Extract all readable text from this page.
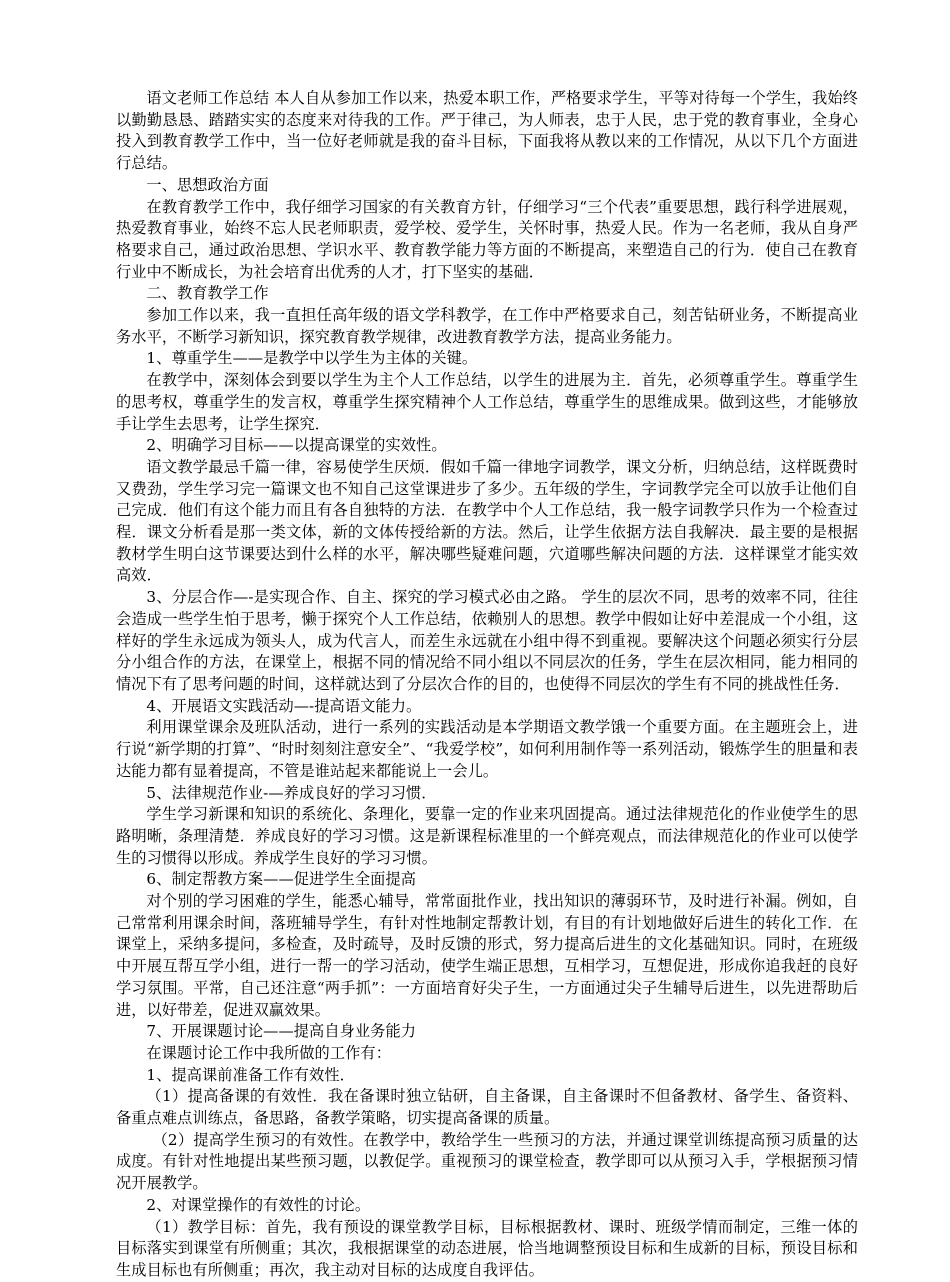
语文老师工作总结 本人自从参加工作以来，热爱本职工作，严格要求学生，平等对待每一个学生，我始终以勤勤恳恳、踏踏实实的态度来对待我的工作。严于律己，为人师表，忠于人民，忠于党的教育事业，全身心投入到教育教学工作中，当一位好老师就是我的奋斗目标，下面我将从教以来的工作情况，从以下几个方面进行总结。

一、思想政治方面

在教育教学工作中，我仔细学习国家的有关教育方针，仔细学习“三个代表”重要思想，践行科学进展观，热爱教育事业，始终不忘人民老师职责，爱学校、爱学生，关怀时事，热爱人民。作为一名老师，我从自身严格要求自己，通过政治思想、学识水平、教育教学能力等方面的不断提高，来塑造自己的行为．使自己在教育行业中不断成长，为社会培育出优秀的人才，打下坚实的基础．

二、教育教学工作

参加工作以来，我一直担任高年级的语文学科教学，在工作中严格要求自己，刻苦钻研业务，不断提高业务水平，不断学习新知识，探究教育教学规律，改进教育教学方法，提高业务能力。

1、尊重学生——是教学中以学生为主体的关键。

在教学中，深刻体会到要以学生为主个人工作总结，以学生的进展为主．首先，必须尊重学生。尊重学生的思考权，尊重学生的发言权，尊重学生探究精神个人工作总结，尊重学生的思维成果。做到这些，才能够放手让学生去思考，让学生探究．

2、明确学习目标——以提高课堂的实效性。

语文教学最忌千篇一律，容易使学生厌烦．假如千篇一律地字词教学，课文分析，归纳总结，这样既费时又费劲，学生学习完一篇课文也不知自己这堂课进步了多少。五年级的学生，字词教学完全可以放手让他们自己完成．他们有这个能力而且有各自独特的方法．在教学中个人工作总结，我一般字词教学只作为一个检查过程．课文分析看是那一类文体，新的文体传授给新的方法。然后，让学生依据方法自我解决．最主要的是根据教材学生明白这节课要达到什么样的水平，解决哪些疑难问题，穴道哪些解决问题的方法．这样课堂才能实效高效．

3、分层合作—-是实现合作、自主、探究的学习模式必由之路。 学生的层次不同，思考的效率不同，往往会造成一些学生怕于思考，懒于探究个人工作总结，依赖别人的思想。教学中假如让好中差混成一个小组，这样好的学生永远成为领头人，成为代言人，而差生永远就在小组中得不到重视。要解决这个问题必须实行分层分小组合作的方法，在课堂上，根据不同的情况给不同小组以不同层次的任务，学生在层次相同，能力相同的情况下有了思考问题的时间，这样就达到了分层次合作的目的，也使得不同层次的学生有不同的挑战性任务．

4、开展语文实践活动—-提高语文能力。

利用课堂课余及班队活动，进行一系列的实践活动是本学期语文教学饿一个重要方面。在主题班会上，进行说“新学期的打算”、“时时刻刻注意安全”、“我爱学校”，如何利用制作等一系列活动，锻炼学生的胆量和表达能力都有显着提高，不管是谁站起来都能说上一会儿。

5、法律规范作业-—养成良好的学习习惯．

学生学习新课和知识的系统化、条理化，要靠一定的作业来巩固提高。通过法律规范化的作业使学生的思路明晰，条理清楚．养成良好的学习习惯。这是新课程标准里的一个鲜亮观点，而法律规范化的作业可以使学生的习惯得以形成。养成学生良好的学习习惯。

6、制定帮教方案——促进学生全面提高

对个别的学习困难的学生，能悉心辅导，常常面批作业，找出知识的薄弱环节，及时进行补漏。例如，自己常常利用课余时间，落班辅导学生，有针对性地制定帮教计划，有目的有计划地做好后进生的转化工作．在课堂上，采纳多提问，多检查，及时疏导，及时反馈的形式，努力提高后进生的文化基础知识。同时，在班级中开展互帮互学小组，进行一帮一的学习活动，使学生端正思想，互相学习，互想促进，形成你追我赶的良好学习氛围。平常，自己还注意“两手抓”：一方面培育好尖子生，一方面通过尖子生辅导后进生，以先进帮助后进，以好带差，促进双赢效果。

7、开展课题讨论——提高自身业务能力

在课题讨论工作中我所做的工作有：

1、提高课前准备工作有效性．

（1）提高备课的有效性．我在备课时独立钻研，自主备课，自主备课时不但备教材、备学生、备资料、备重点难点训练点，备思路，备教学策略，切实提高备课的质量。

（2）提高学生预习的有效性。在教学中，教给学生一些预习的方法，并通过课堂训练提高预习质量的达成度。有针对性地提出某些预习题，以教促学。重视预习的课堂检查，教学即可以从预习入手，学根据预习情况开展教学。

2、对课堂操作的有效性的讨论。

（1）教学目标：首先，我有预设的课堂教学目标，目标根据教材、课时、班级学情而制定，三维一体的目标落实到课堂有所侧重；其次，我根据课堂的动态进展，恰当地调整预设目标和生成新的目标，预设目标和生成目标也有所侧重；再次，我主动对目标的达成度自我评估。
